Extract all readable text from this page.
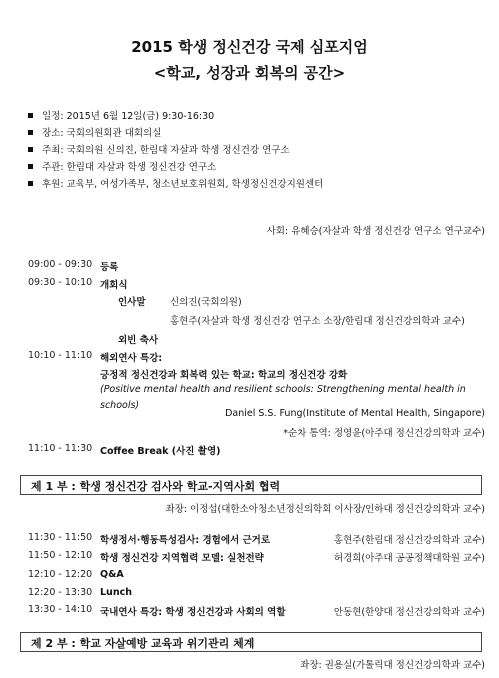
2015 학생 정신건강 국제 심포지엄
<학교, 성장과 회복의 공간>
일정: 2015년 6월 12일(금) 9:30-16:30
장소: 국회의원회관 대회의실
주최: 국회의원 신의진, 한림대 자살과 학생 정신건강 연구소
주관: 한림대 자살과 학생 정신건강 연구소
후원: 교육부, 여성가족부, 청소년보호위원회, 학생정신건강지원센터
사회: 유혜승(자살과 학생 정신건강 연구소 연구교수)
09:00 - 09:30 등록
09:30 - 10:10 개회식
인사말	신의진(국회의원)
홍현주(자살과 학생 정신건강 연구소 소장/한림대 정신건강의학과 교수)
외빈 축사
10:10 - 11:10 해외연사 특강:
긍정적 정신건강과 회복력 있는 학교: 학교의 정신건강 강화
(Positive mental health and resilient schools: Strengthening mental health in
schools)
Daniel S.S. Fung(Institute of Mental Health, Singapore)
*순차 통역: 정영윤(아주대 정신건강의학과 교수)
11:10 - 11:30 Coffee Break (사진 촬영)
제 1 부 : 학생 정신건강 검사와 학교-지역사회 협력
좌장: 이정섭(대한소아청소년정신의학회 이사장/인하대 정신건강의학과 교수)
11:30 - 11:50 학생정서·행동특성검사: 경험에서 근거로	홍현주(한림대 정신건강의학과 교수)
11:50 - 12:10 학생 정신건강 지역협력 모델: 실천전략	허경희(아주대 공공정책대학원 교수)
12:10 - 12:20 Q&A
12:20 - 13:30 Lunch
13:30 - 14:10 국내연사 특강: 학생 정신건강과 사회의 역할	안동현(한양대 정신건강의학과 교수)
제 2 부 : 학교 자살예방 교육과 위기관리 체계
좌장: 권용실(가톨릭대 정신건강의학과 교수)
